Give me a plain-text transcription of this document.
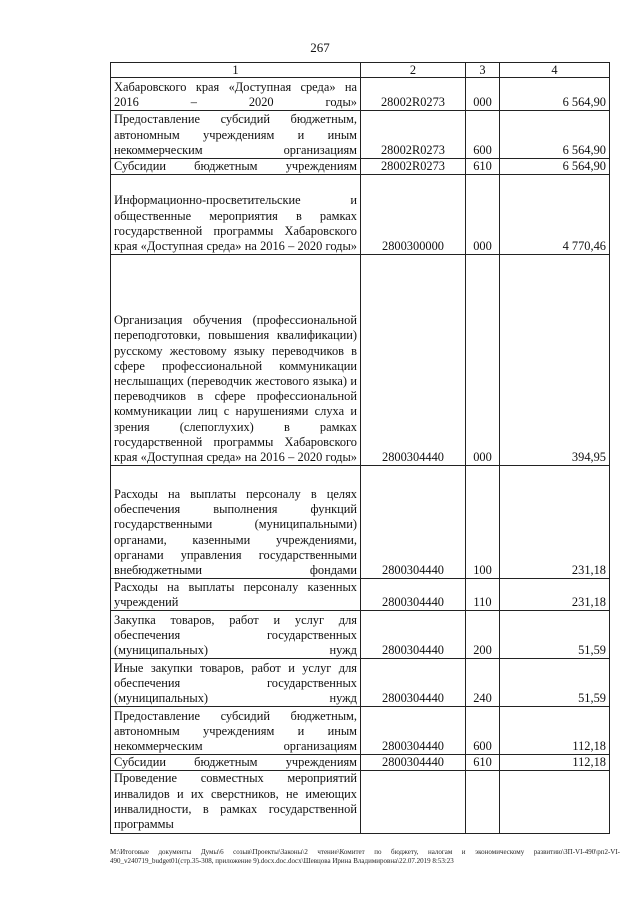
267
1	2	3	4
Хабаровского края «Доступная среда» на 2016 – 2020 годы»	28002R0273	000	6 564,90
Предоставление субсидий бюджетным, автономным учреждениям и иным некоммерческим организациям	28002R0273	600	6 564,90
Субсидии бюджетным учреждениям	28002R0273	610	6 564,90
Информационно-просветительские и общественные мероприятия в рамках государственной программы Хабаровского края «Доступная среда» на 2016 – 2020 годы»	2800300000	000	4 770,46
Организация обучения (профессиональной переподготовки, повышения квалификации) русскому жестовому языку переводчиков в сфере профессиональной коммуникации неслышащих (переводчик жестового языка) и переводчиков в сфере профессиональной коммуникации лиц с нарушениями слуха и зрения (слепоглухих) в рамках государственной программы Хабаровского края «Доступная среда» на 2016 – 2020 годы»	2800304440	000	394,95
Расходы на выплаты персоналу в целях обеспечения выполнения функций государственными (муниципальными) органами, казенными учреждениями, органами управления государственными внебюджетными фондами	2800304440	100	231,18
Расходы на выплаты персоналу казенных учреждений	2800304440	110	231,18
Закупка товаров, работ и услуг для обеспечения государственных (муниципальных) нужд	2800304440	200	51,59
Иные закупки товаров, работ и услуг для обеспечения государственных (муниципальных) нужд	2800304440	240	51,59
Предоставление субсидий бюджетным, автономным учреждениям и иным некоммерческим организациям	2800304440	600	112,18
Субсидии бюджетным учреждениям	2800304440	610	112,18
Проведение совместных мероприятий инвалидов и их сверстников, не имеющих инвалидности, в рамках государственной программы			
M:\Итоговые документы Думы\6 созыв\Проекты\Законы\2 чтение\Комитет по бюджету, налогам и экономическому развитию\ЗП-VI-490\рп2-VI-490_v240719_budget01(стр.35-308, приложение 9).docx.doc.docx\Шевцова Ирина Владимировна\22.07.2019 8:53:23
